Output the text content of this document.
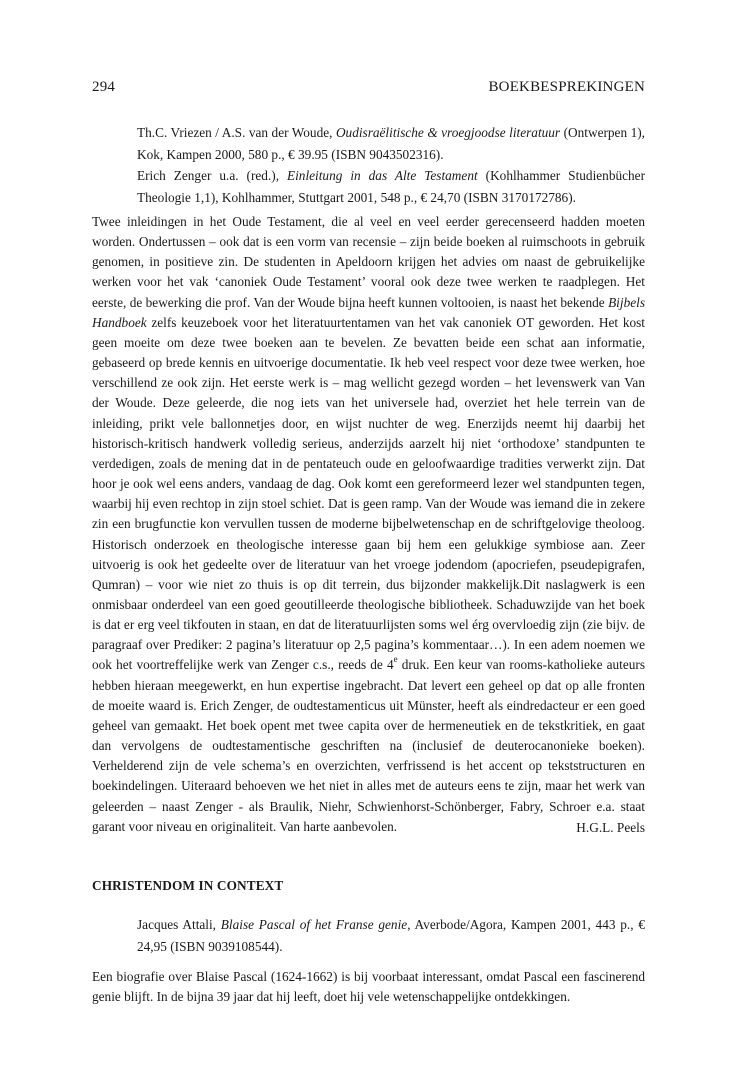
294	BOEKBESPREKINGEN

Th.C. Vriezen / A.S. van der Woude, Oudisraëlitische & vroegjoodse literatuur (Ontwerpen 1), Kok, Kampen 2000, 580 p., € 39.95 (ISBN 9043502316).

Erich Zenger u.a. (red.), Einleitung in das Alte Testament (Kohlhammer Studienbücher Theologie 1,1), Kohlhammer, Stuttgart 2001, 548 p., € 24,70 (ISBN 3170172786).

Twee inleidingen in het Oude Testament, die al veel en veel eerder gerecenseerd hadden moeten worden. Ondertussen – ook dat is een vorm van recensie – zijn beide boeken al ruimschoots in gebruik genomen, in positieve zin. De studenten in Apeldoorn krijgen het advies om naast de gebruikelijke werken voor het vak ‘canoniek Oude Testament’ vooral ook deze twee werken te raadplegen. Het eerste, de bewerking die prof. Van der Woude bijna heeft kunnen voltooien, is naast het bekende Bijbels Handboek zelfs keuzeboek voor het literatuurtentamen van het vak canoniek OT geworden. Het kost geen moeite om deze twee boeken aan te bevelen. Ze bevatten beide een schat aan informatie, gebaseerd op brede kennis en uitvoerige documentatie. Ik heb veel respect voor deze twee werken, hoe verschillend ze ook zijn. Het eerste werk is – mag wellicht gezegd worden – het levenswerk van Van der Woude. Deze geleerde, die nog iets van het universele had, overziet het hele terrein van de inleiding, prikt vele ballonnetjes door, en wijst nuchter de weg. Enerzijds neemt hij daarbij het historisch-kritisch handwerk volledig serieus, anderzijds aarzelt hij niet ‘orthodoxe’ standpunten te verdedigen, zoals de mening dat in de pentateuch oude en geloofwaardige tradities verwerkt zijn. Dat hoor je ook wel eens anders, vandaag de dag. Ook komt een gereformeerd lezer wel standpunten tegen, waarbij hij even rechtop in zijn stoel schiet. Dat is geen ramp. Van der Woude was iemand die in zekere zin een brugfunctie kon vervullen tussen de moderne bijbelwetenschap en de schriftgelovige theoloog. Historisch onderzoek en theologische interesse gaan bij hem een gelukkige symbiose aan. Zeer uitvoerig is ook het gedeelte over de literatuur van het vroege jodendom (apocriefen, pseudepigrafen, Qumran) – voor wie niet zo thuis is op dit terrein, dus bijzonder makkelijk.Dit naslagwerk is een onmisbaar onderdeel van een goed geoutilleerde theologische bibliotheek. Schaduwzijde van het boek is dat er erg veel tikfouten in staan, en dat de literatuurlijsten soms wel érg overvloedig zijn (zie bijv. de paragraaf over Prediker: 2 pagina’s literatuur op 2,5 pagina’s kommentaar…). In een adem noemen we ook het voortreffelijke werk van Zenger c.s., reeds de 4e druk. Een keur van rooms-katholieke auteurs hebben hieraan meegewerkt, en hun expertise ingebracht. Dat levert een geheel op dat op alle fronten de moeite waard is. Erich Zenger, de oudtestamenticus uit Münster, heeft als eindredacteur er een goed geheel van gemaakt. Het boek opent met twee capita over de hermeneutiek en de tekstkritiek, en gaat dan vervolgens de oudtestamentische geschriften na (inclusief de deuterocanonieke boeken). Verhelderend zijn de vele schema’s en overzichten, verfrissend is het accent op tekststructuren en boekindelingen. Uiteraard behoeven we het niet in alles met de auteurs eens te zijn, maar het werk van geleerden – naast Zenger - als Braulik, Niehr, Schwienhorst-Schönberger, Fabry, Schroer e.a. staat garant voor niveau en originaliteit. Van harte aanbevolen.	H.G.L. Peels
CHRISTENDOM IN CONTEXT

Jacques Attali, Blaise Pascal of het Franse genie, Averbode/Agora, Kampen 2001, 443 p., € 24,95 (ISBN 9039108544).

Een biografie over Blaise Pascal (1624-1662) is bij voorbaat interessant, omdat Pascal een fascinerend genie blijft. In de bijna 39 jaar dat hij leeft, doet hij vele wetenschappelijke ontdekkingen.
